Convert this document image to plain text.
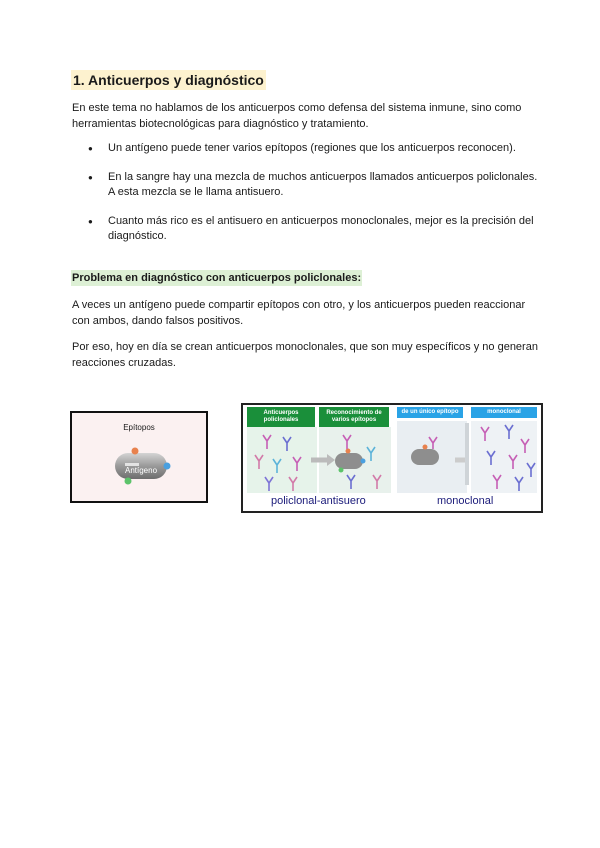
1. Anticuerpos y diagnóstico

En este tema no hablamos de los anticuerpos como defensa del sistema inmune, sino como herramientas biotecnológicas para diagnóstico y tratamiento.

● Un antígeno puede tener varios epítopos (regiones que los anticuerpos reconocen).
● En la sangre hay una mezcla de muchos anticuerpos llamados anticuerpos policlonales. A esta mezcla se le llama antisuero.
● Cuanto más rico es el antisuero en anticuerpos monoclonales, mejor es la precisión del diagnóstico.
Problema en diagnóstico con anticuerpos policlonales:

A veces un antígeno puede compartir epítopos con otro, y los anticuerpos pueden reaccionar con ambos, dando falsos positivos.

Por eso, hoy en día se crean anticuerpos monoclonales, que son muy específicos y no generan reacciones cruzadas.

Epítopos
Antígeno
Anticuerpos policlonales
Reconocimiento de varios epítopos
de un único epítopo	monoclonal
policlonal-antisuero	monoclonal
